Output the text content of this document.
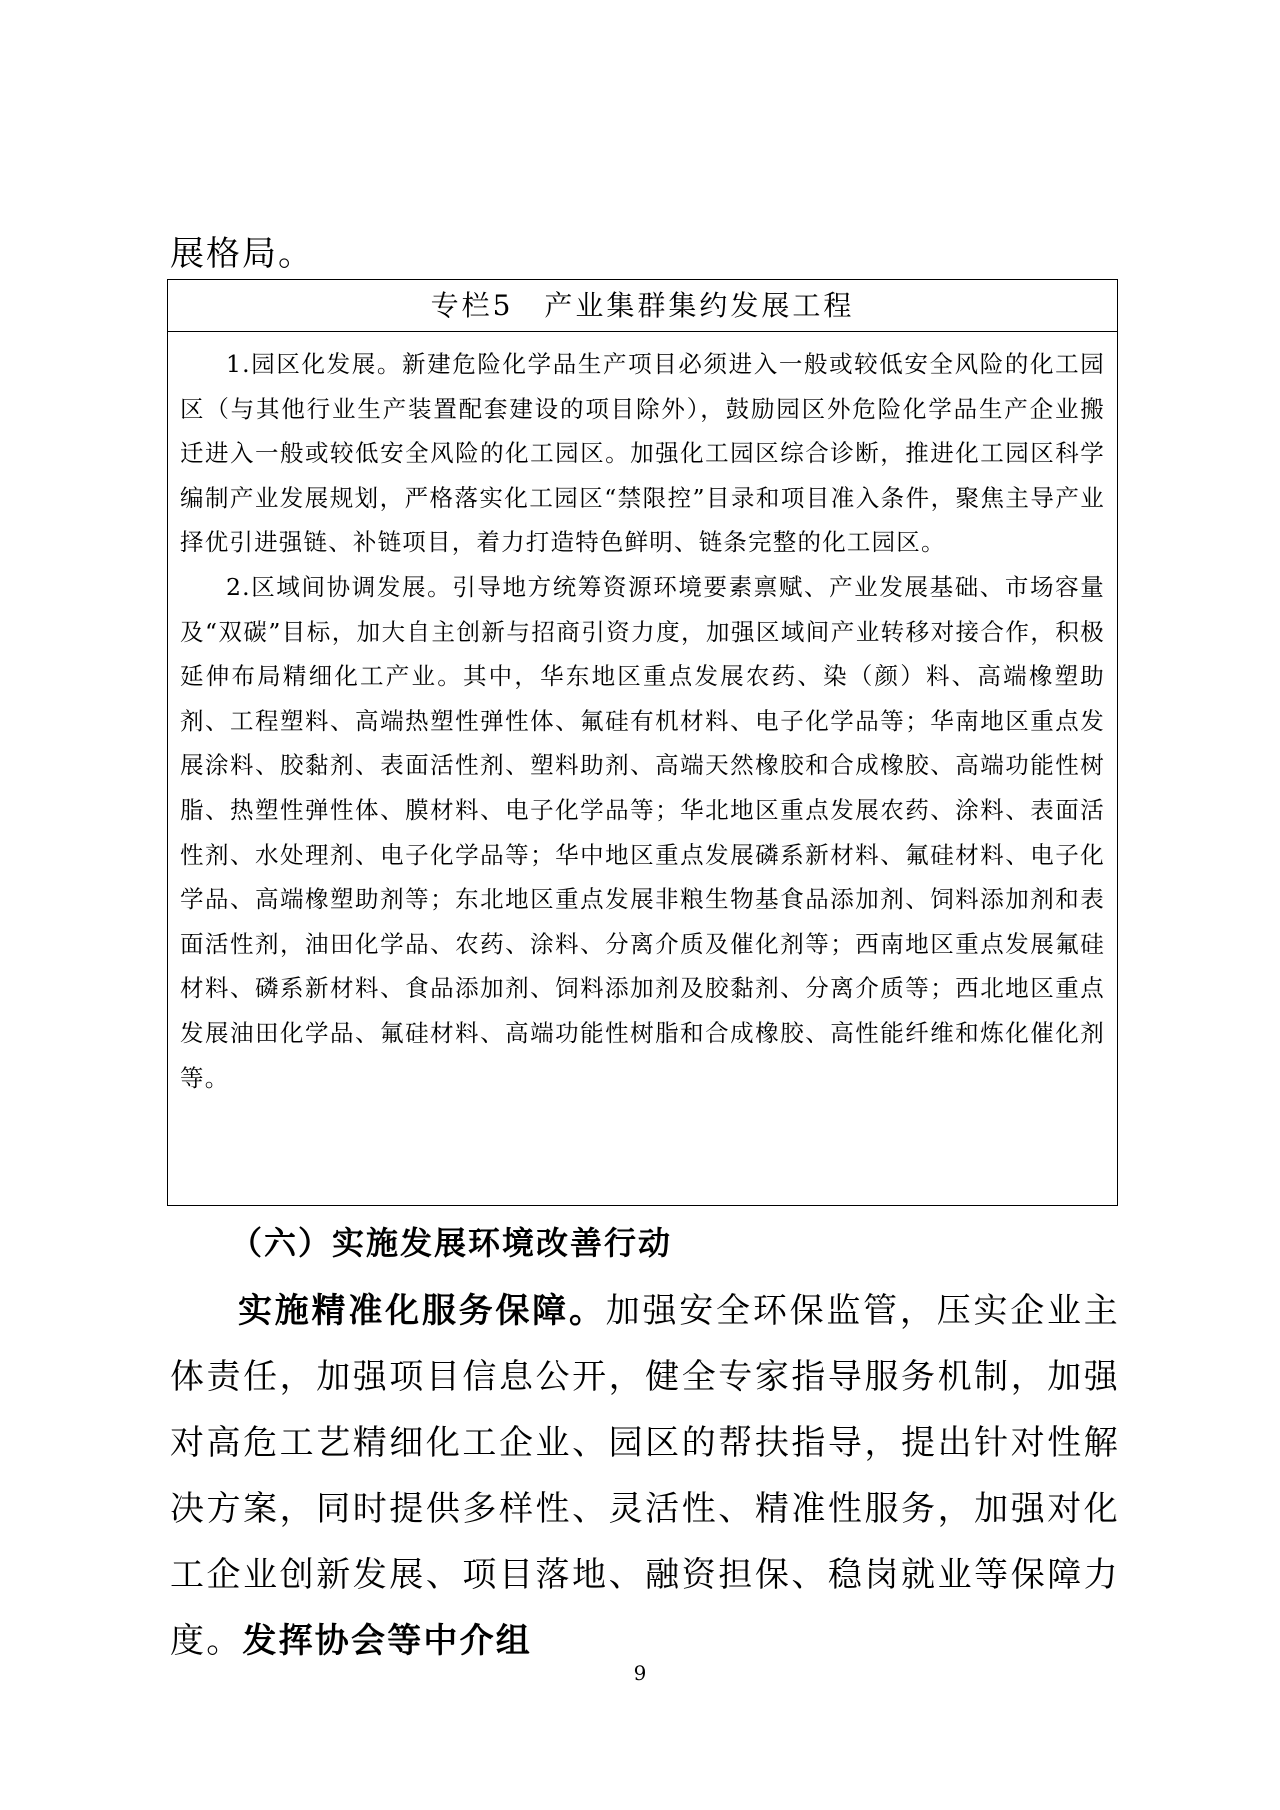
展格局。
专栏5　产业集群集约发展工程

1.园区化发展。新建危险化学品生产项目必须进入一般或较低安全风险的化工园区（与其他行业生产装置配套建设的项目除外），鼓励园区外危险化学品生产企业搬迁进入一般或较低安全风险的化工园区。加强化工园区综合诊断，推进化工园区科学编制产业发展规划，严格落实化工园区“禁限控”目录和项目准入条件，聚焦主导产业择优引进强链、补链项目，着力打造特色鲜明、链条完整的化工园区。

2.区域间协调发展。引导地方统筹资源环境要素禀赋、产业发展基础、市场容量及“双碳”目标，加大自主创新与招商引资力度，加强区域间产业转移对接合作，积极延伸布局精细化工产业。其中，华东地区重点发展农药、染（颜）料、高端橡塑助剂、工程塑料、高端热塑性弹性体、氟硅有机材料、电子化学品等；华南地区重点发展涂料、胶黏剂、表面活性剂、塑料助剂、高端天然橡胶和合成橡胶、高端功能性树脂、热塑性弹性体、膜材料、电子化学品等；华北地区重点发展农药、涂料、表面活性剂、水处理剂、电子化学品等；华中地区重点发展磷系新材料、氟硅材料、电子化学品、高端橡塑助剂等；东北地区重点发展非粮生物基食品添加剂、饲料添加剂和表面活性剂，油田化学品、农药、涂料、分离介质及催化剂等；西南地区重点发展氟硅材料、磷系新材料、食品添加剂、饲料添加剂及胶黏剂、分离介质等；西北地区重点发展油田化学品、氟硅材料、高端功能性树脂和合成橡胶、高性能纤维和炼化催化剂等。

（六）实施发展环境改善行动
实施精准化服务保障。加强安全环保监管，压实企业主体责任，加强项目信息公开，健全专家指导服务机制，加强对高危工艺精细化工企业、园区的帮扶指导，提出针对性解决方案，同时提供多样性、灵活性、精准性服务，加强对化工企业创新发展、项目落地、融资担保、稳岗就业等保障力度。发挥协会等中介组
9
